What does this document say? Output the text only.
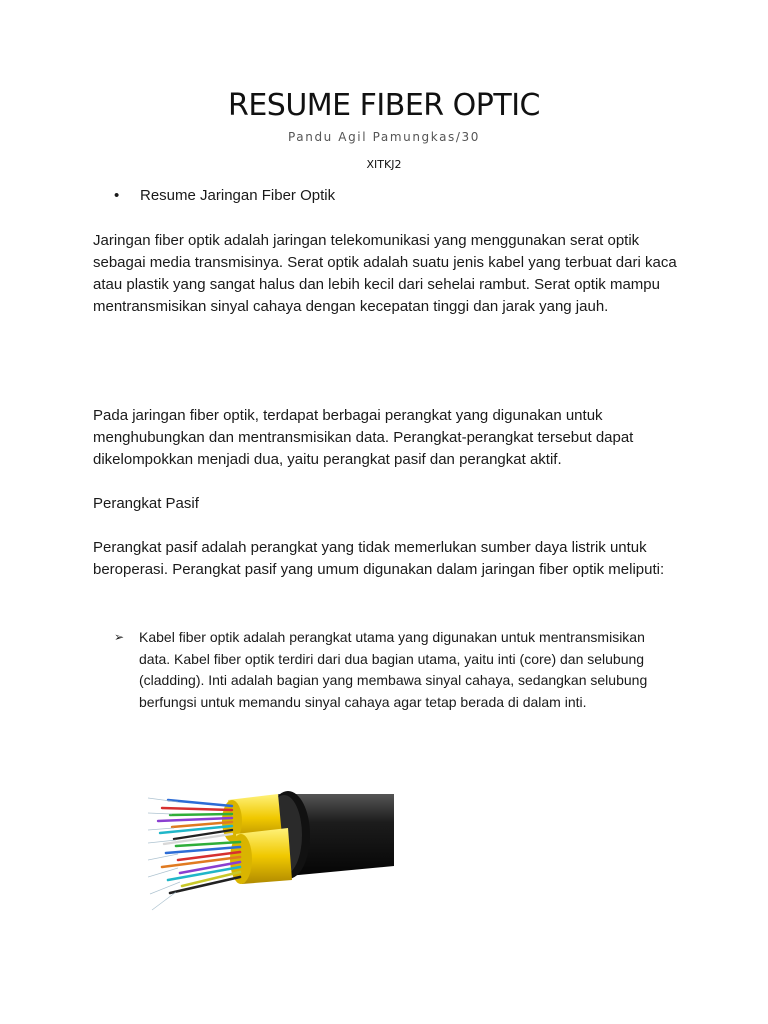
RESUME FIBER OPTIC
Pandu Agil Pamungkas/30
XITKJ2
• Resume Jaringan Fiber Optik

Jaringan fiber optik adalah jaringan telekomunikasi yang menggunakan serat optik sebagai media transmisinya. Serat optik adalah suatu jenis kabel yang terbuat dari kaca atau plastik yang sangat halus dan lebih kecil dari sehelai rambut. Serat optik mampu mentransmisikan sinyal cahaya dengan kecepatan tinggi dan jarak yang jauh.

Pada jaringan fiber optik, terdapat berbagai perangkat yang digunakan untuk menghubungkan dan mentransmisikan data. Perangkat-perangkat tersebut dapat dikelompokkan menjadi dua, yaitu perangkat pasif dan perangkat aktif.

Perangkat Pasif

Perangkat pasif adalah perangkat yang tidak memerlukan sumber daya listrik untuk beroperasi. Perangkat pasif yang umum digunakan dalam jaringan fiber optik meliputi:

➢ Kabel fiber optik adalah perangkat utama yang digunakan untuk mentransmisikan data. Kabel fiber optik terdiri dari dua bagian utama, yaitu inti (core) dan selubung (cladding). Inti adalah bagian yang membawa sinyal cahaya, sedangkan selubung berfungsi untuk memandu sinyal cahaya agar tetap berada di dalam inti.
